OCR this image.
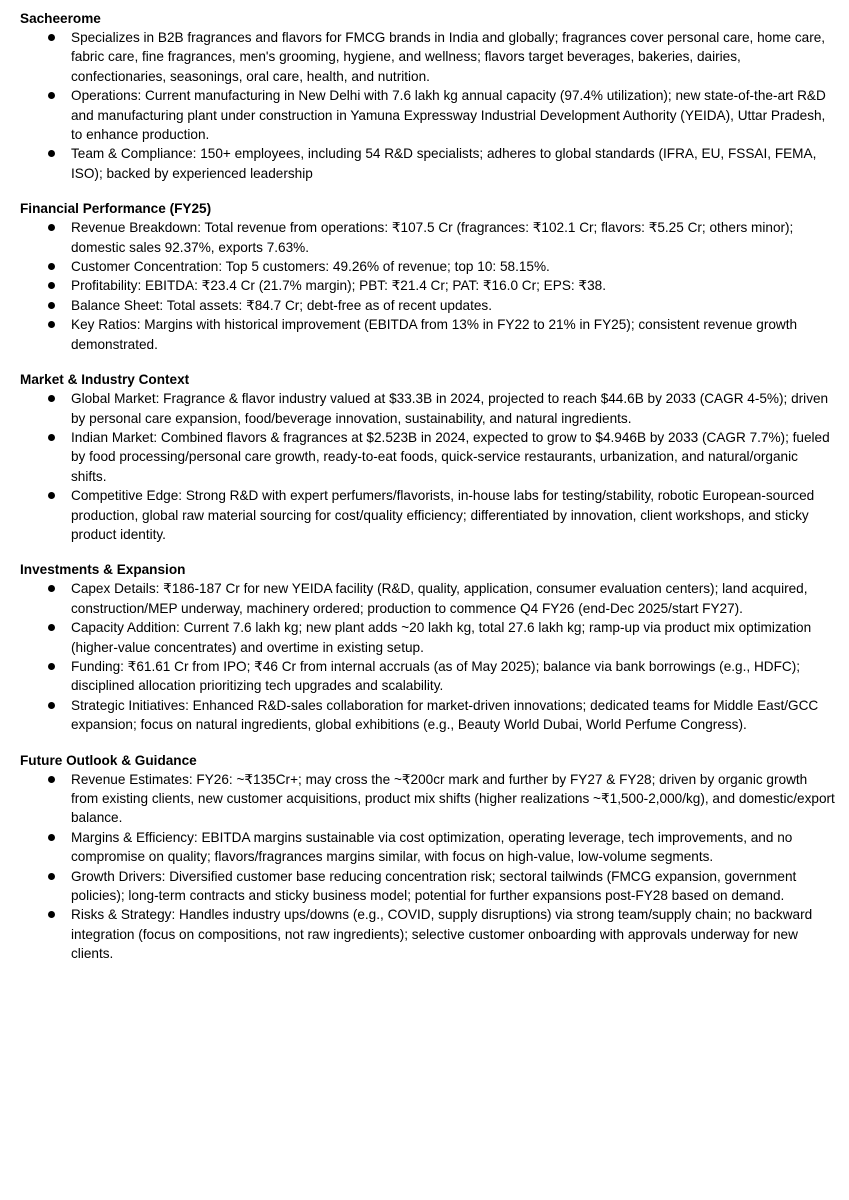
Sacheerome
Specializes in B2B fragrances and flavors for FMCG brands in India and globally; fragrances cover personal care, home care, fabric care, fine fragrances, men's grooming, hygiene, and wellness; flavors target beverages, bakeries, dairies, confectionaries, seasonings, oral care, health, and nutrition.
Operations: Current manufacturing in New Delhi with 7.6 lakh kg annual capacity (97.4% utilization); new state-of-the-art R&D and manufacturing plant under construction in Yamuna Expressway Industrial Development Authority (YEIDA), Uttar Pradesh, to enhance production.
Team & Compliance: 150+ employees, including 54 R&D specialists; adheres to global standards (IFRA, EU, FSSAI, FEMA, ISO); backed by experienced leadership
Financial Performance (FY25)
Revenue Breakdown: Total revenue from operations: ₹107.5 Cr (fragrances: ₹102.1 Cr; flavors: ₹5.25 Cr; others minor); domestic sales 92.37%, exports 7.63%.
Customer Concentration: Top 5 customers: 49.26% of revenue; top 10: 58.15%.
Profitability: EBITDA: ₹23.4 Cr (21.7% margin); PBT: ₹21.4 Cr; PAT: ₹16.0 Cr; EPS: ₹38.
Balance Sheet: Total assets: ₹84.7 Cr; debt-free as of recent updates.
Key Ratios: Margins with historical improvement (EBITDA from 13% in FY22 to 21% in FY25); consistent revenue growth demonstrated.
Market & Industry Context
Global Market: Fragrance & flavor industry valued at $33.3B in 2024, projected to reach $44.6B by 2033 (CAGR 4-5%); driven by personal care expansion, food/beverage innovation, sustainability, and natural ingredients.
Indian Market: Combined flavors & fragrances at $2.523B in 2024, expected to grow to $4.946B by 2033 (CAGR 7.7%); fueled by food processing/personal care growth, ready-to-eat foods, quick-service restaurants, urbanization, and natural/organic shifts.
Competitive Edge: Strong R&D with expert perfumers/flavorists, in-house labs for testing/stability, robotic European-sourced production, global raw material sourcing for cost/quality efficiency; differentiated by innovation, client workshops, and sticky product identity.
Investments & Expansion
Capex Details: ₹186-187 Cr for new YEIDA facility (R&D, quality, application, consumer evaluation centers); land acquired, construction/MEP underway, machinery ordered; production to commence Q4 FY26 (end-Dec 2025/start FY27).
Capacity Addition: Current 7.6 lakh kg; new plant adds ~20 lakh kg, total 27.6 lakh kg; ramp-up via product mix optimization (higher-value concentrates) and overtime in existing setup.
Funding: ₹61.61 Cr from IPO; ₹46 Cr from internal accruals (as of May 2025); balance via bank borrowings (e.g., HDFC); disciplined allocation prioritizing tech upgrades and scalability.
Strategic Initiatives: Enhanced R&D-sales collaboration for market-driven innovations; dedicated teams for Middle East/GCC expansion; focus on natural ingredients, global exhibitions (e.g., Beauty World Dubai, World Perfume Congress).
Future Outlook & Guidance
Revenue Estimates: FY26: ~₹135Cr+; may cross the ~₹200cr mark and further by FY27 & FY28; driven by organic growth from existing clients, new customer acquisitions, product mix shifts (higher realizations ~₹1,500-2,000/kg), and domestic/export balance.
Margins & Efficiency: EBITDA margins sustainable via cost optimization, operating leverage, tech improvements, and no compromise on quality; flavors/fragrances margins similar, with focus on high-value, low-volume segments.
Growth Drivers: Diversified customer base reducing concentration risk; sectoral tailwinds (FMCG expansion, government policies); long-term contracts and sticky business model; potential for further expansions post-FY28 based on demand.
Risks & Strategy: Handles industry ups/downs (e.g., COVID, supply disruptions) via strong team/supply chain; no backward integration (focus on compositions, not raw ingredients); selective customer onboarding with approvals underway for new clients.
